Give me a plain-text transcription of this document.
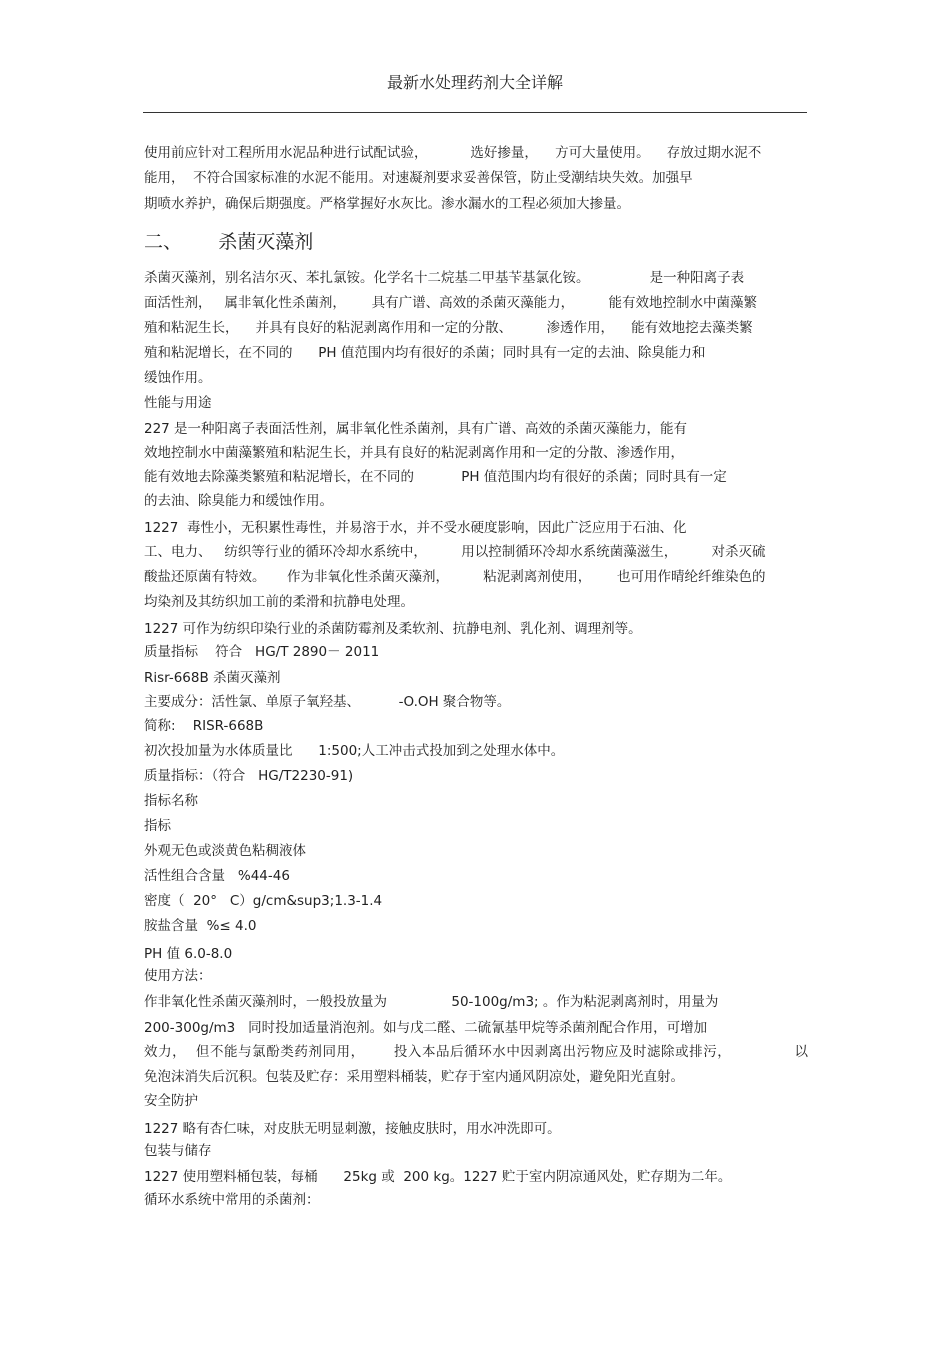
最新水处理药剂大全详解
使用前应针对工程所用水泥品种进行试配试验，          选好掺量，    方可大量使用。    存放过期水泥不
能用，  不符合国家标准的水泥不能用。对速凝剂要求妥善保管，防止受潮结块失效。加强早
期喷水养护，确保后期强度。严格掌握好水灰比。渗水漏水的工程必须加大掺量。
二、      杀菌灭藻剂
杀菌灭藻剂，别名洁尔灭、苯扎氯铵。化学名十二烷基二甲基苄基氯化铵。              是一种阳离子表
面活性剂，   属非氧化性杀菌剂，      具有广谱、高效的杀菌灭藻能力，        能有效地控制水中菌藻繁
殖和粘泥生长，    并具有良好的粘泥剥离作用和一定的分散、        渗透作用，    能有效地挖去藻类繁
殖和粘泥增长，在不同的      PH 值范围内均有很好的杀菌；同时具有一定的去油、除臭能力和
缓蚀作用。
性能与用途
227 是一种阳离子表面活性剂，属非氧化性杀菌剂，具有广谱、高效的杀菌灭藻能力，能有
效地控制水中菌藻繁殖和粘泥生长，并具有良好的粘泥剥离作用和一定的分散、渗透作用，
能有效地去除藻类繁殖和粘泥增长，在不同的           PH 值范围内均有很好的杀菌；同时具有一定
的去油、除臭能力和缓蚀作用。
1227  毒性小，无积累性毒性，并易溶于水，并不受水硬度影响，因此广泛应用于石油、化
工、电力、   纺织等行业的循环冷却水系统中，        用以控制循环冷却水系统菌藻滋生，        对杀灭硫
酸盐还原菌有特效。     作为非氧化性杀菌灭藻剂，        粘泥剥离剂使用，      也可用作晴纶纤维染色的
均染剂及其纺织加工前的柔滑和抗静电处理。
1227 可作为纺织印染行业的杀菌防霉剂及柔软剂、抗静电剂、乳化剂、调理剂等。
质量指标    符合   HG/T 2890－ 2011
Risr-668B 杀菌灭藻剂
主要成分：活性氯、单原子氧羟基、         -O.OH 聚合物等。
简称:    RISR-668B
初次投加量为水体质量比      1:500;人工冲击式投加到之处理水体中。
质量指标：（符合   HG/T2230-91)
指标名称
指标
外观无色或淡黄色粘稠液体
活性组合含量   %44-46
密度（  20°   C）g/cm&sup3;1.3-1.4
胺盐含量  %≤ 4.0
PH 值 6.0-8.0
使用方法：
作非氧化性杀菌灭藻剂时，一般投放量为               50-100g/m3; 。作为粘泥剥离剂时，用量为
200-300g/m3   同时投加适量消泡剂。如与戊二醛、二硫氰基甲烷等杀菌剂配合作用，可增加
效力，  但不能与氯酚类药剂同用，      投入本品后循环水中因剥离出污物应及时滤除或排污，             以
免泡沫消失后沉积。包装及贮存：采用塑料桶装，贮存于室内通风阴凉处，避免阳光直射。
安全防护
1227 略有杏仁味，对皮肤无明显刺激，接触皮肤时，用水冲洗即可。
包装与储存
1227 使用塑料桶包装，每桶      25kg 或  200 kg。1227 贮于室内阴凉通风处，贮存期为二年。
循环水系统中常用的杀菌剂：
